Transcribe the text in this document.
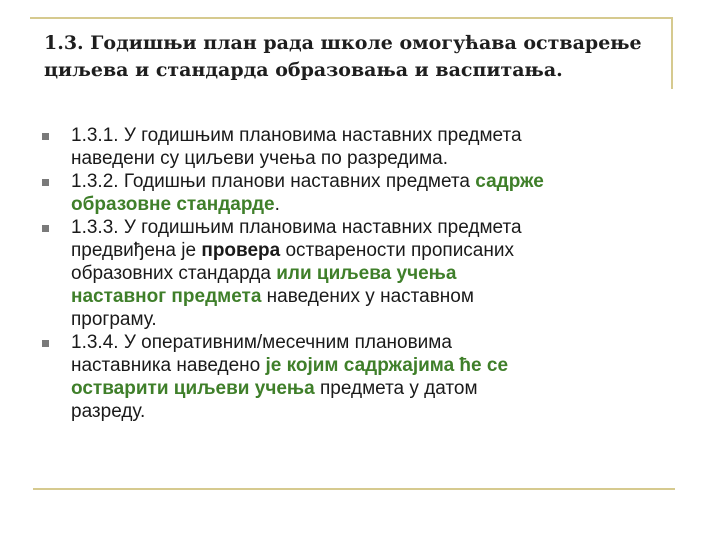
1.3. Годишњи план рада школе омогућава остварење
циљева и стандарда образовања и васпитања.
1.3.1. У годишњим плановима наставних предмета
наведени су циљеви учења по разредима.
1.3.2. Годишњи планови наставних предмета садрже
образовне стандарде.
1.3.3. У годишњим плановима наставних предмета
предвиђена је провера остварености прописаних
образовних стандарда или циљева учења
наставног предмета наведених у наставном
програму.
1.3.4. У оперативним/месечним плановима
наставника наведено је којим садржајима ће се
остварити циљеви учења предмета у датом
разреду.
